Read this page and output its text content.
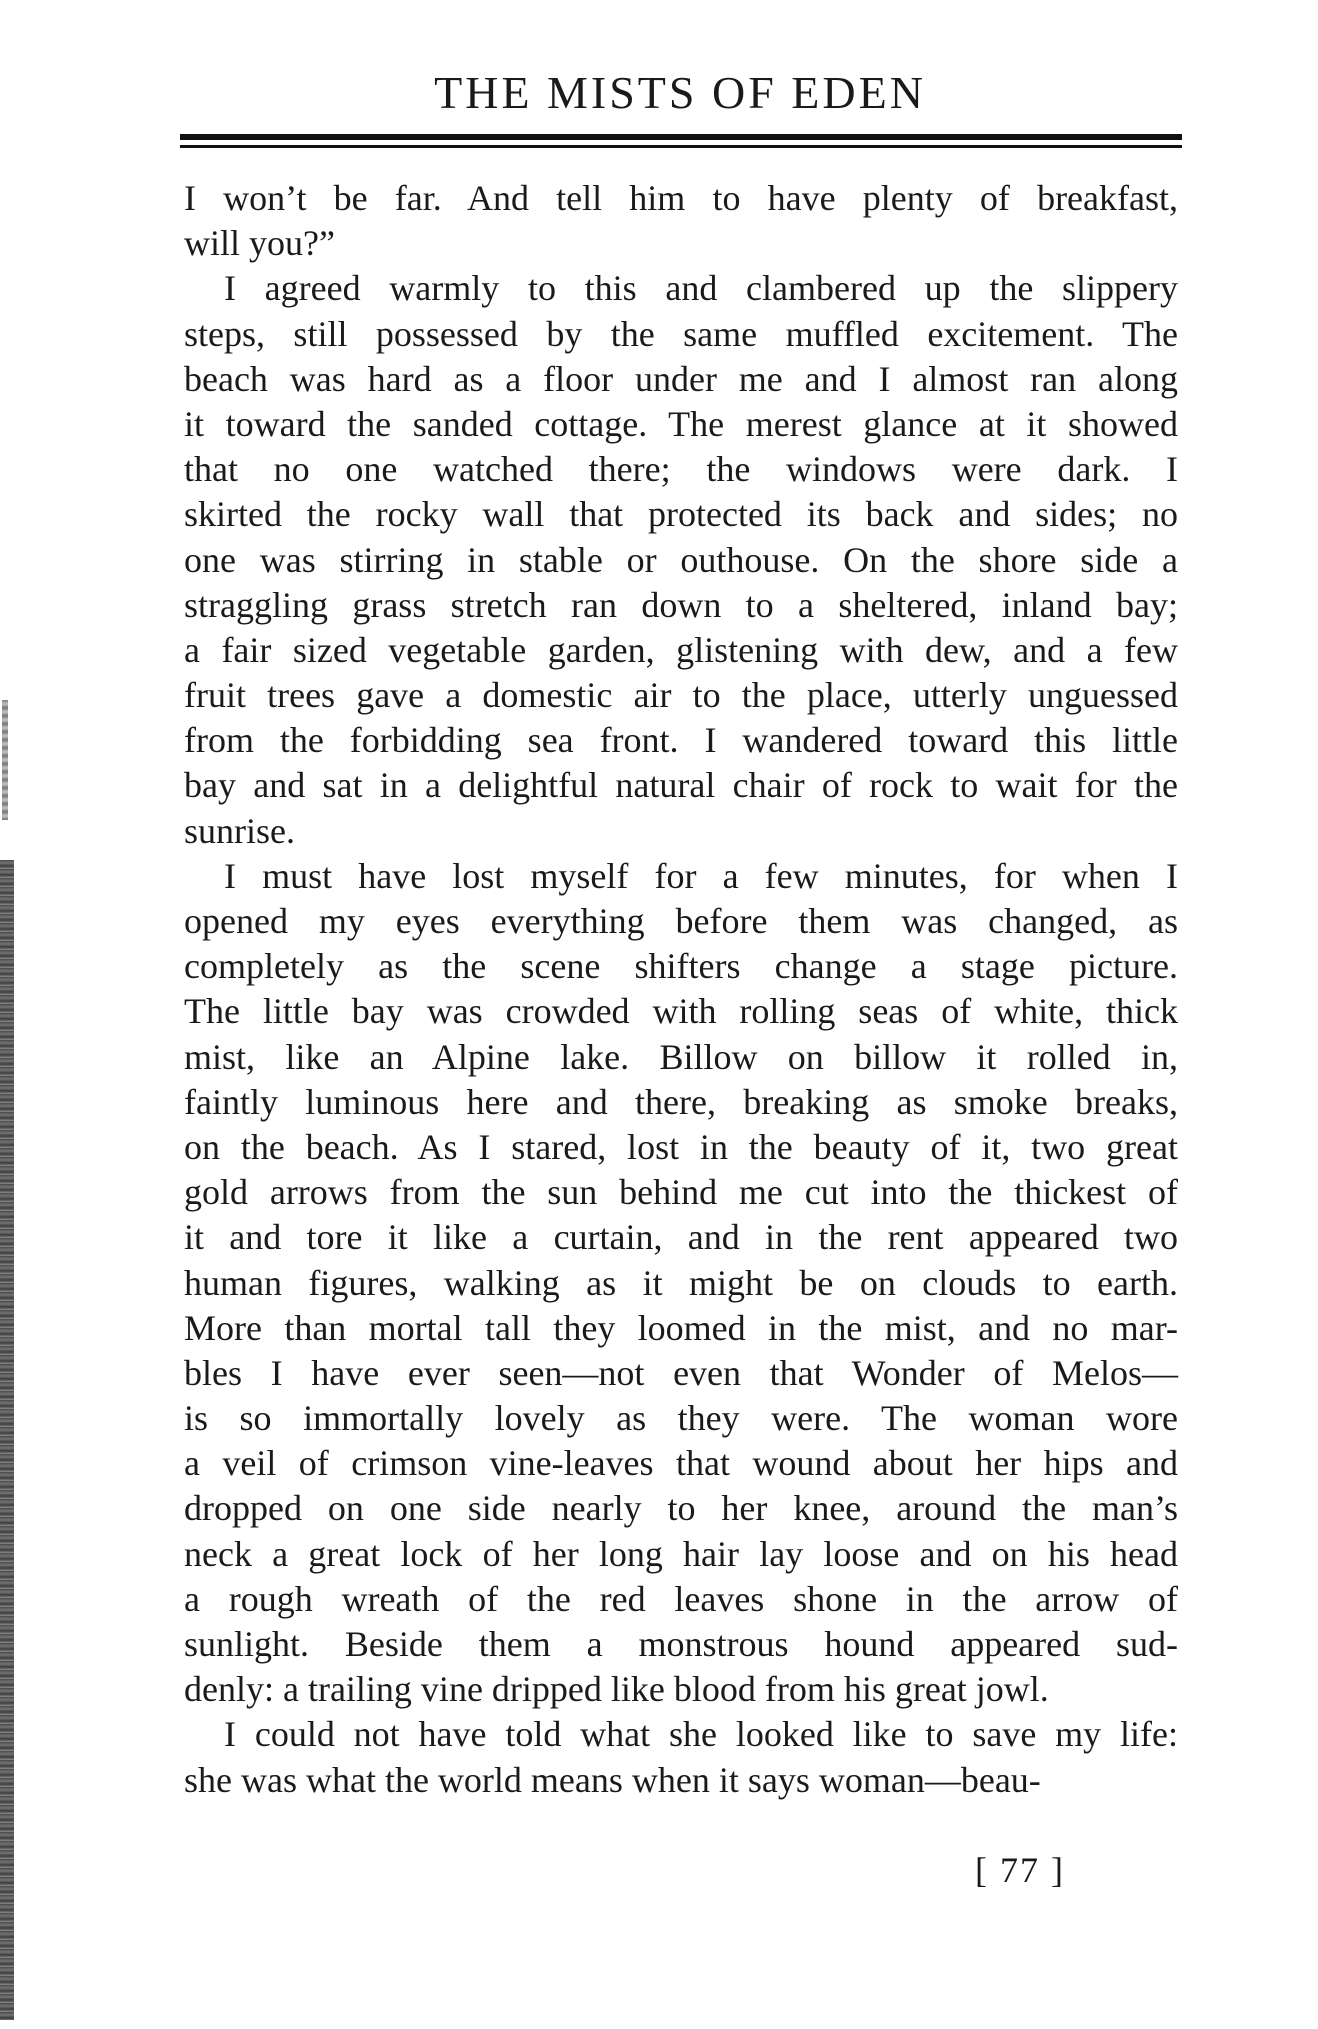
THE MISTS OF EDEN
I won’t be far. And tell him to have plenty of breakfast,
will you?”
I agreed warmly to this and clambered up the slippery
steps, still possessed by the same muffled excitement. The
beach was hard as a floor under me and I almost ran along
it toward the sanded cottage. The merest glance at it showed
that no one watched there; the windows were dark. I
skirted the rocky wall that protected its back and sides; no
one was stirring in stable or outhouse. On the shore side a
straggling grass stretch ran down to a sheltered, inland bay;
a fair sized vegetable garden, glistening with dew, and a few
fruit trees gave a domestic air to the place, utterly unguessed
from the forbidding sea front. I wandered toward this little
bay and sat in a delightful natural chair of rock to wait for the
sunrise.
I must have lost myself for a few minutes, for when I
opened my eyes everything before them was changed, as
completely as the scene shifters change a stage picture.
The little bay was crowded with rolling seas of white, thick
mist, like an Alpine lake. Billow on billow it rolled in,
faintly luminous here and there, breaking as smoke breaks,
on the beach. As I stared, lost in the beauty of it, two great
gold arrows from the sun behind me cut into the thickest of
it and tore it like a curtain, and in the rent appeared two
human figures, walking as it might be on clouds to earth.
More than mortal tall they loomed in the mist, and no mar-
bles I have ever seen—not even that Wonder of Melos—
is so immortally lovely as they were. The woman wore
a veil of crimson vine-leaves that wound about her hips and
dropped on one side nearly to her knee, around the man’s
neck a great lock of her long hair lay loose and on his head
a rough wreath of the red leaves shone in the arrow of
sunlight. Beside them a monstrous hound appeared sud-
denly: a trailing vine dripped like blood from his great jowl.
I could not have told what she looked like to save my life:
she was what the world means when it says woman—beau-
[ 77 ]
